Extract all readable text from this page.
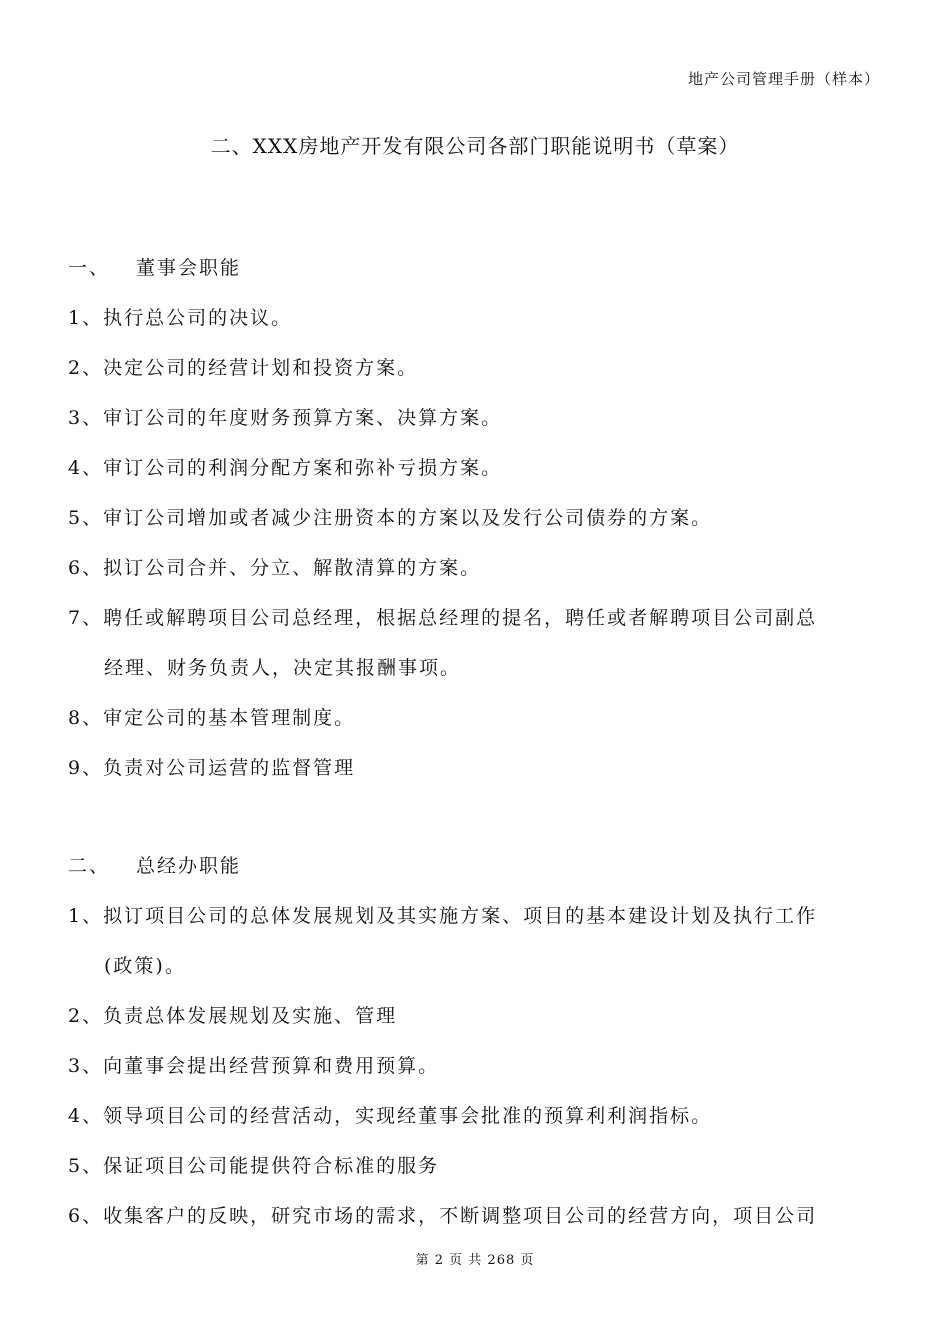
地产公司管理手册（样本）
二、XXX房地产开发有限公司各部门职能说明书（草案）
一、 董事会职能
1、执行总公司的决议。
2、决定公司的经营计划和投资方案。
3、审订公司的年度财务预算方案、决算方案。
4、审订公司的利润分配方案和弥补亏损方案。
5、审订公司增加或者减少注册资本的方案以及发行公司债券的方案。
6、拟订公司合并、分立、解散清算的方案。
7、聘任或解聘项目公司总经理，根据总经理的提名，聘任或者解聘项目公司副总
经理、财务负责人，决定其报酬事项。
8、审定公司的基本管理制度。
9、负责对公司运营的监督管理
二、 总经办职能
1、拟订项目公司的总体发展规划及其实施方案、项目的基本建设计划及执行工作
(政策)。
2、负责总体发展规划及实施、管理
3、向董事会提出经营预算和费用预算。
4、领导项目公司的经营活动，实现经董事会批准的预算利利润指标。
5、保证项目公司能提供符合标准的服务
6、收集客户的反映，研究市场的需求，不断调整项目公司的经营方向，项目公司
第 2 页 共 268 页
